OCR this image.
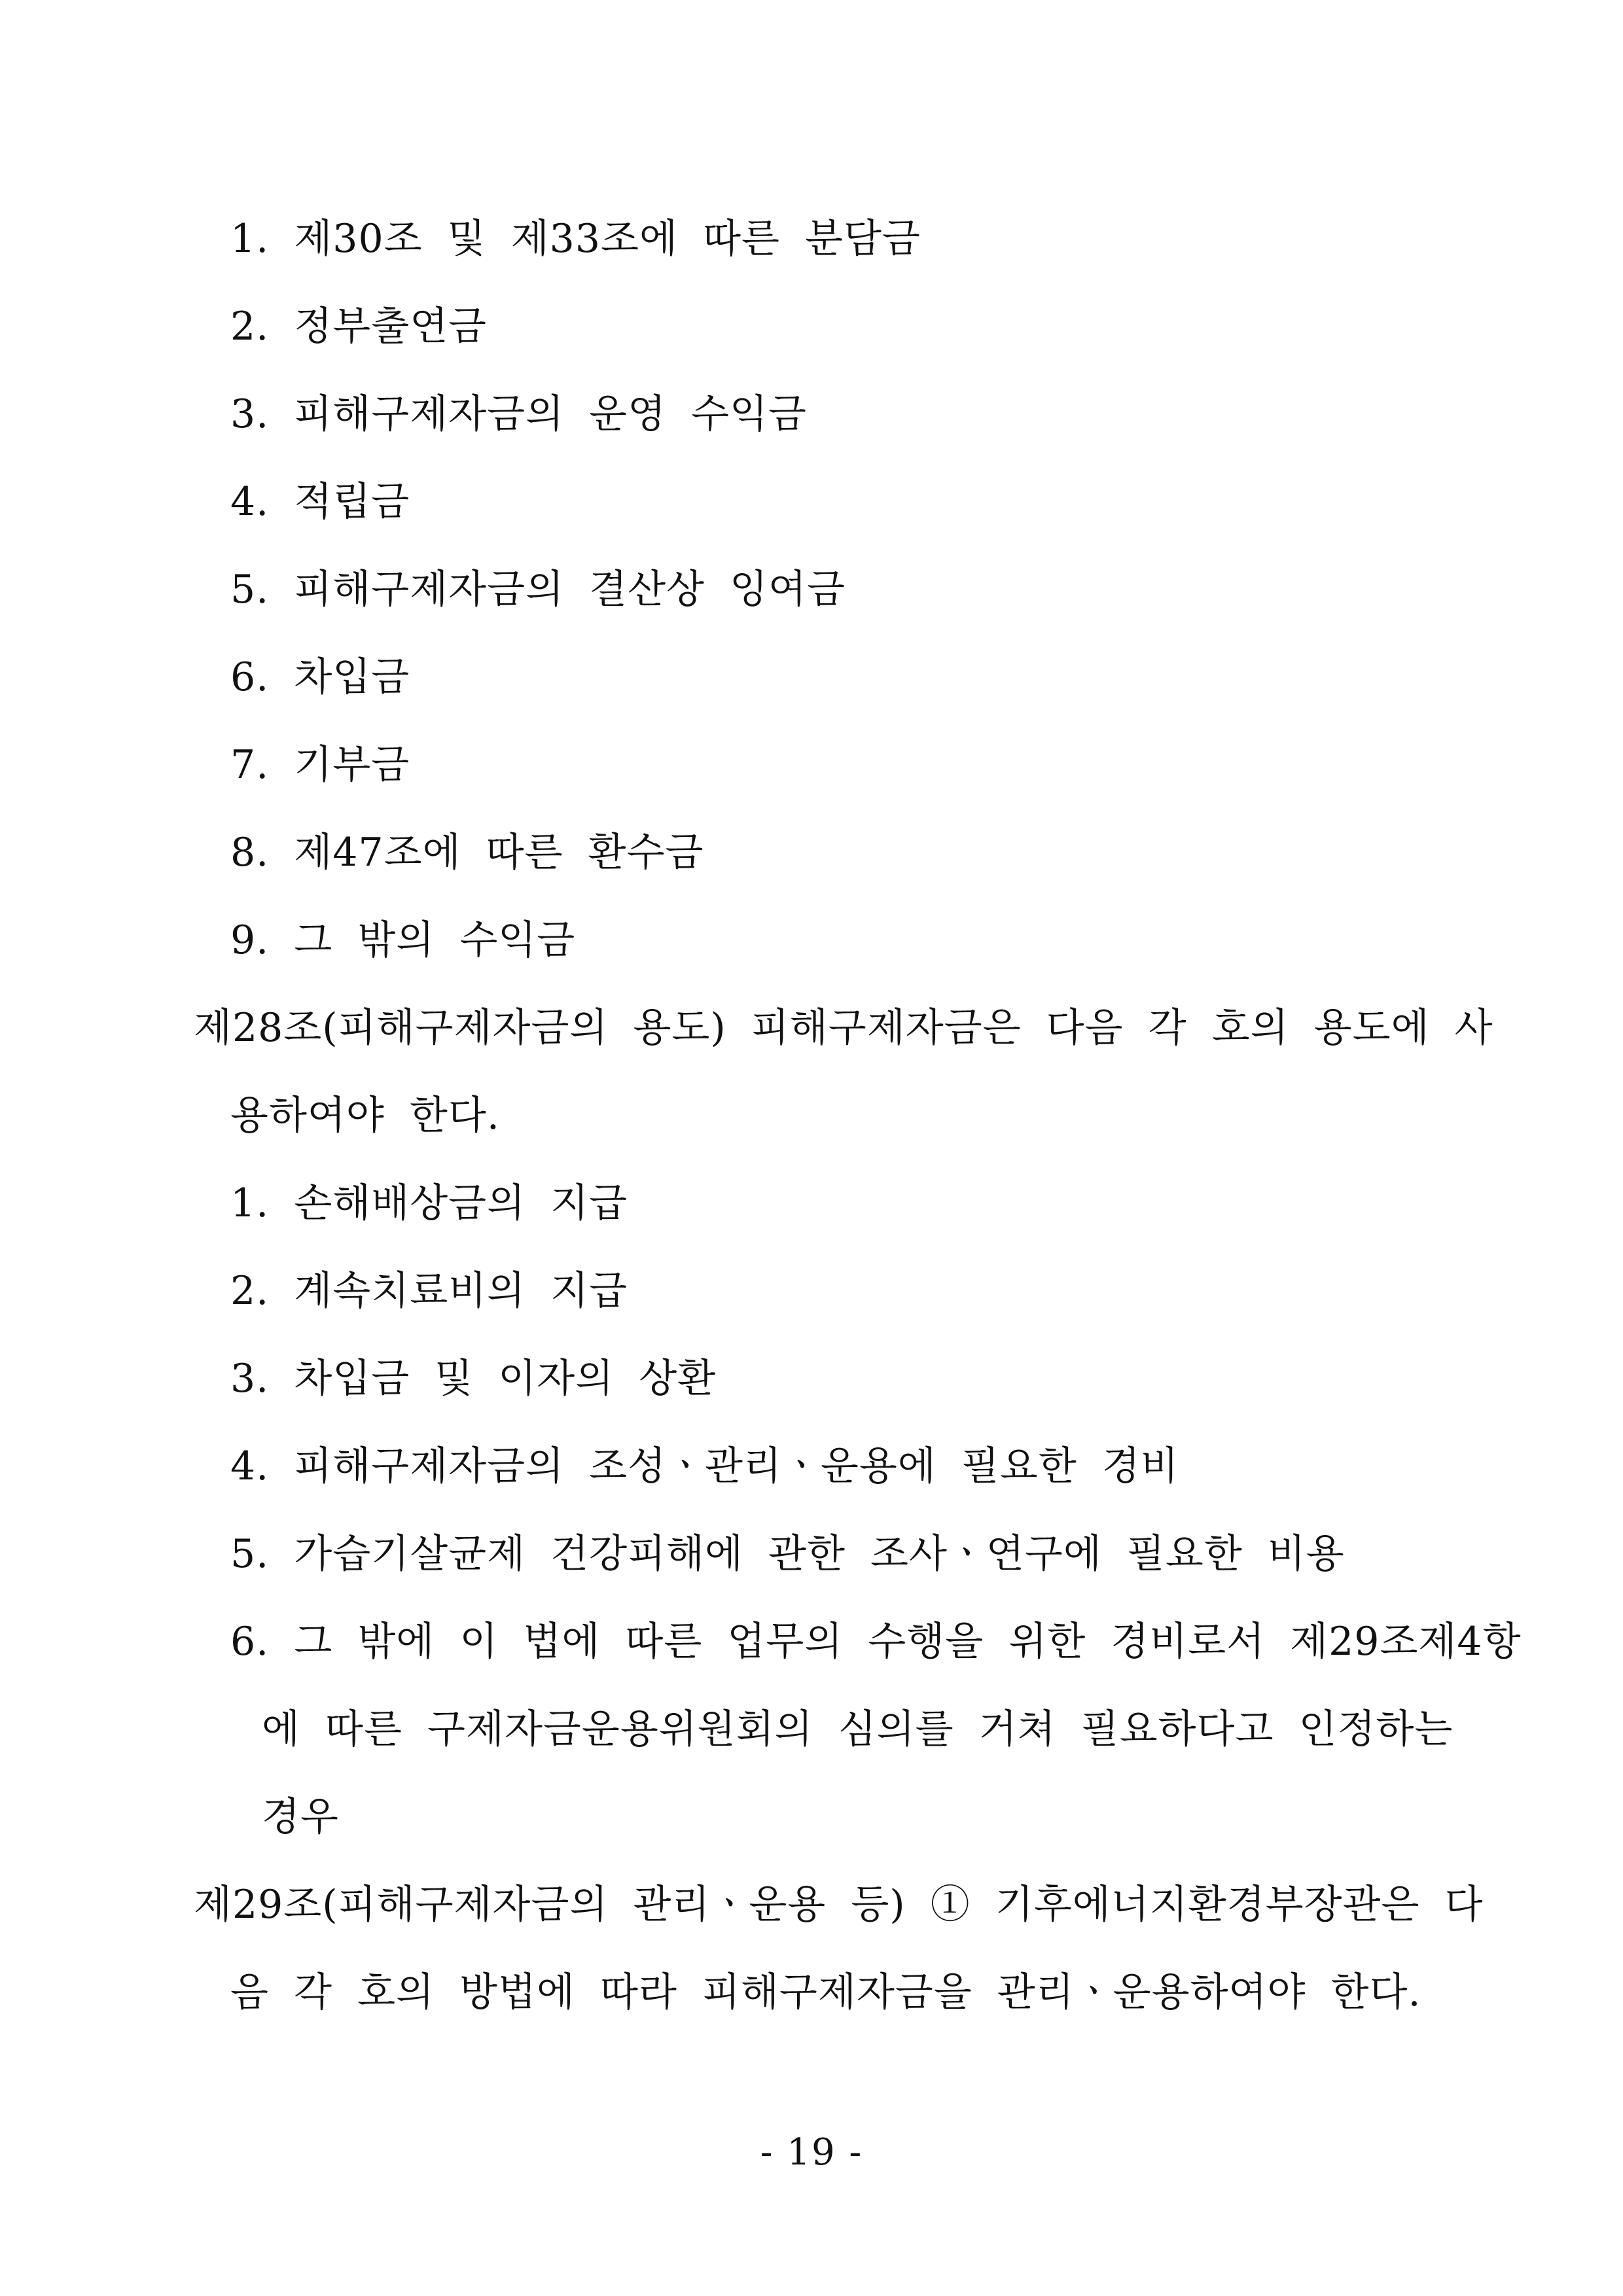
1. 제30조 및 제33조에 따른 분담금
2. 정부출연금
3. 피해구제자금의 운영 수익금
4. 적립금
5. 피해구제자금의 결산상 잉여금
6. 차입금
7. 기부금
8. 제47조에 따른 환수금
9. 그 밖의 수익금
제28조(피해구제자금의 용도) 피해구제자금은 다음 각 호의 용도에 사
용하여야 한다.
1. 손해배상금의 지급
2. 계속치료비의 지급
3. 차입금 및 이자의 상환
4. 피해구제자금의 조성ㆍ관리ㆍ운용에 필요한 경비
5. 가습기살균제 건강피해에 관한 조사ㆍ연구에 필요한 비용
6. 그 밖에 이 법에 따른 업무의 수행을 위한 경비로서 제29조제4항
에 따른 구제자금운용위원회의 심의를 거쳐 필요하다고 인정하는
경우
제29조(피해구제자금의 관리ㆍ운용 등) ① 기후에너지환경부장관은 다
음 각 호의 방법에 따라 피해구제자금을 관리ㆍ운용하여야 한다.
- 19 -
